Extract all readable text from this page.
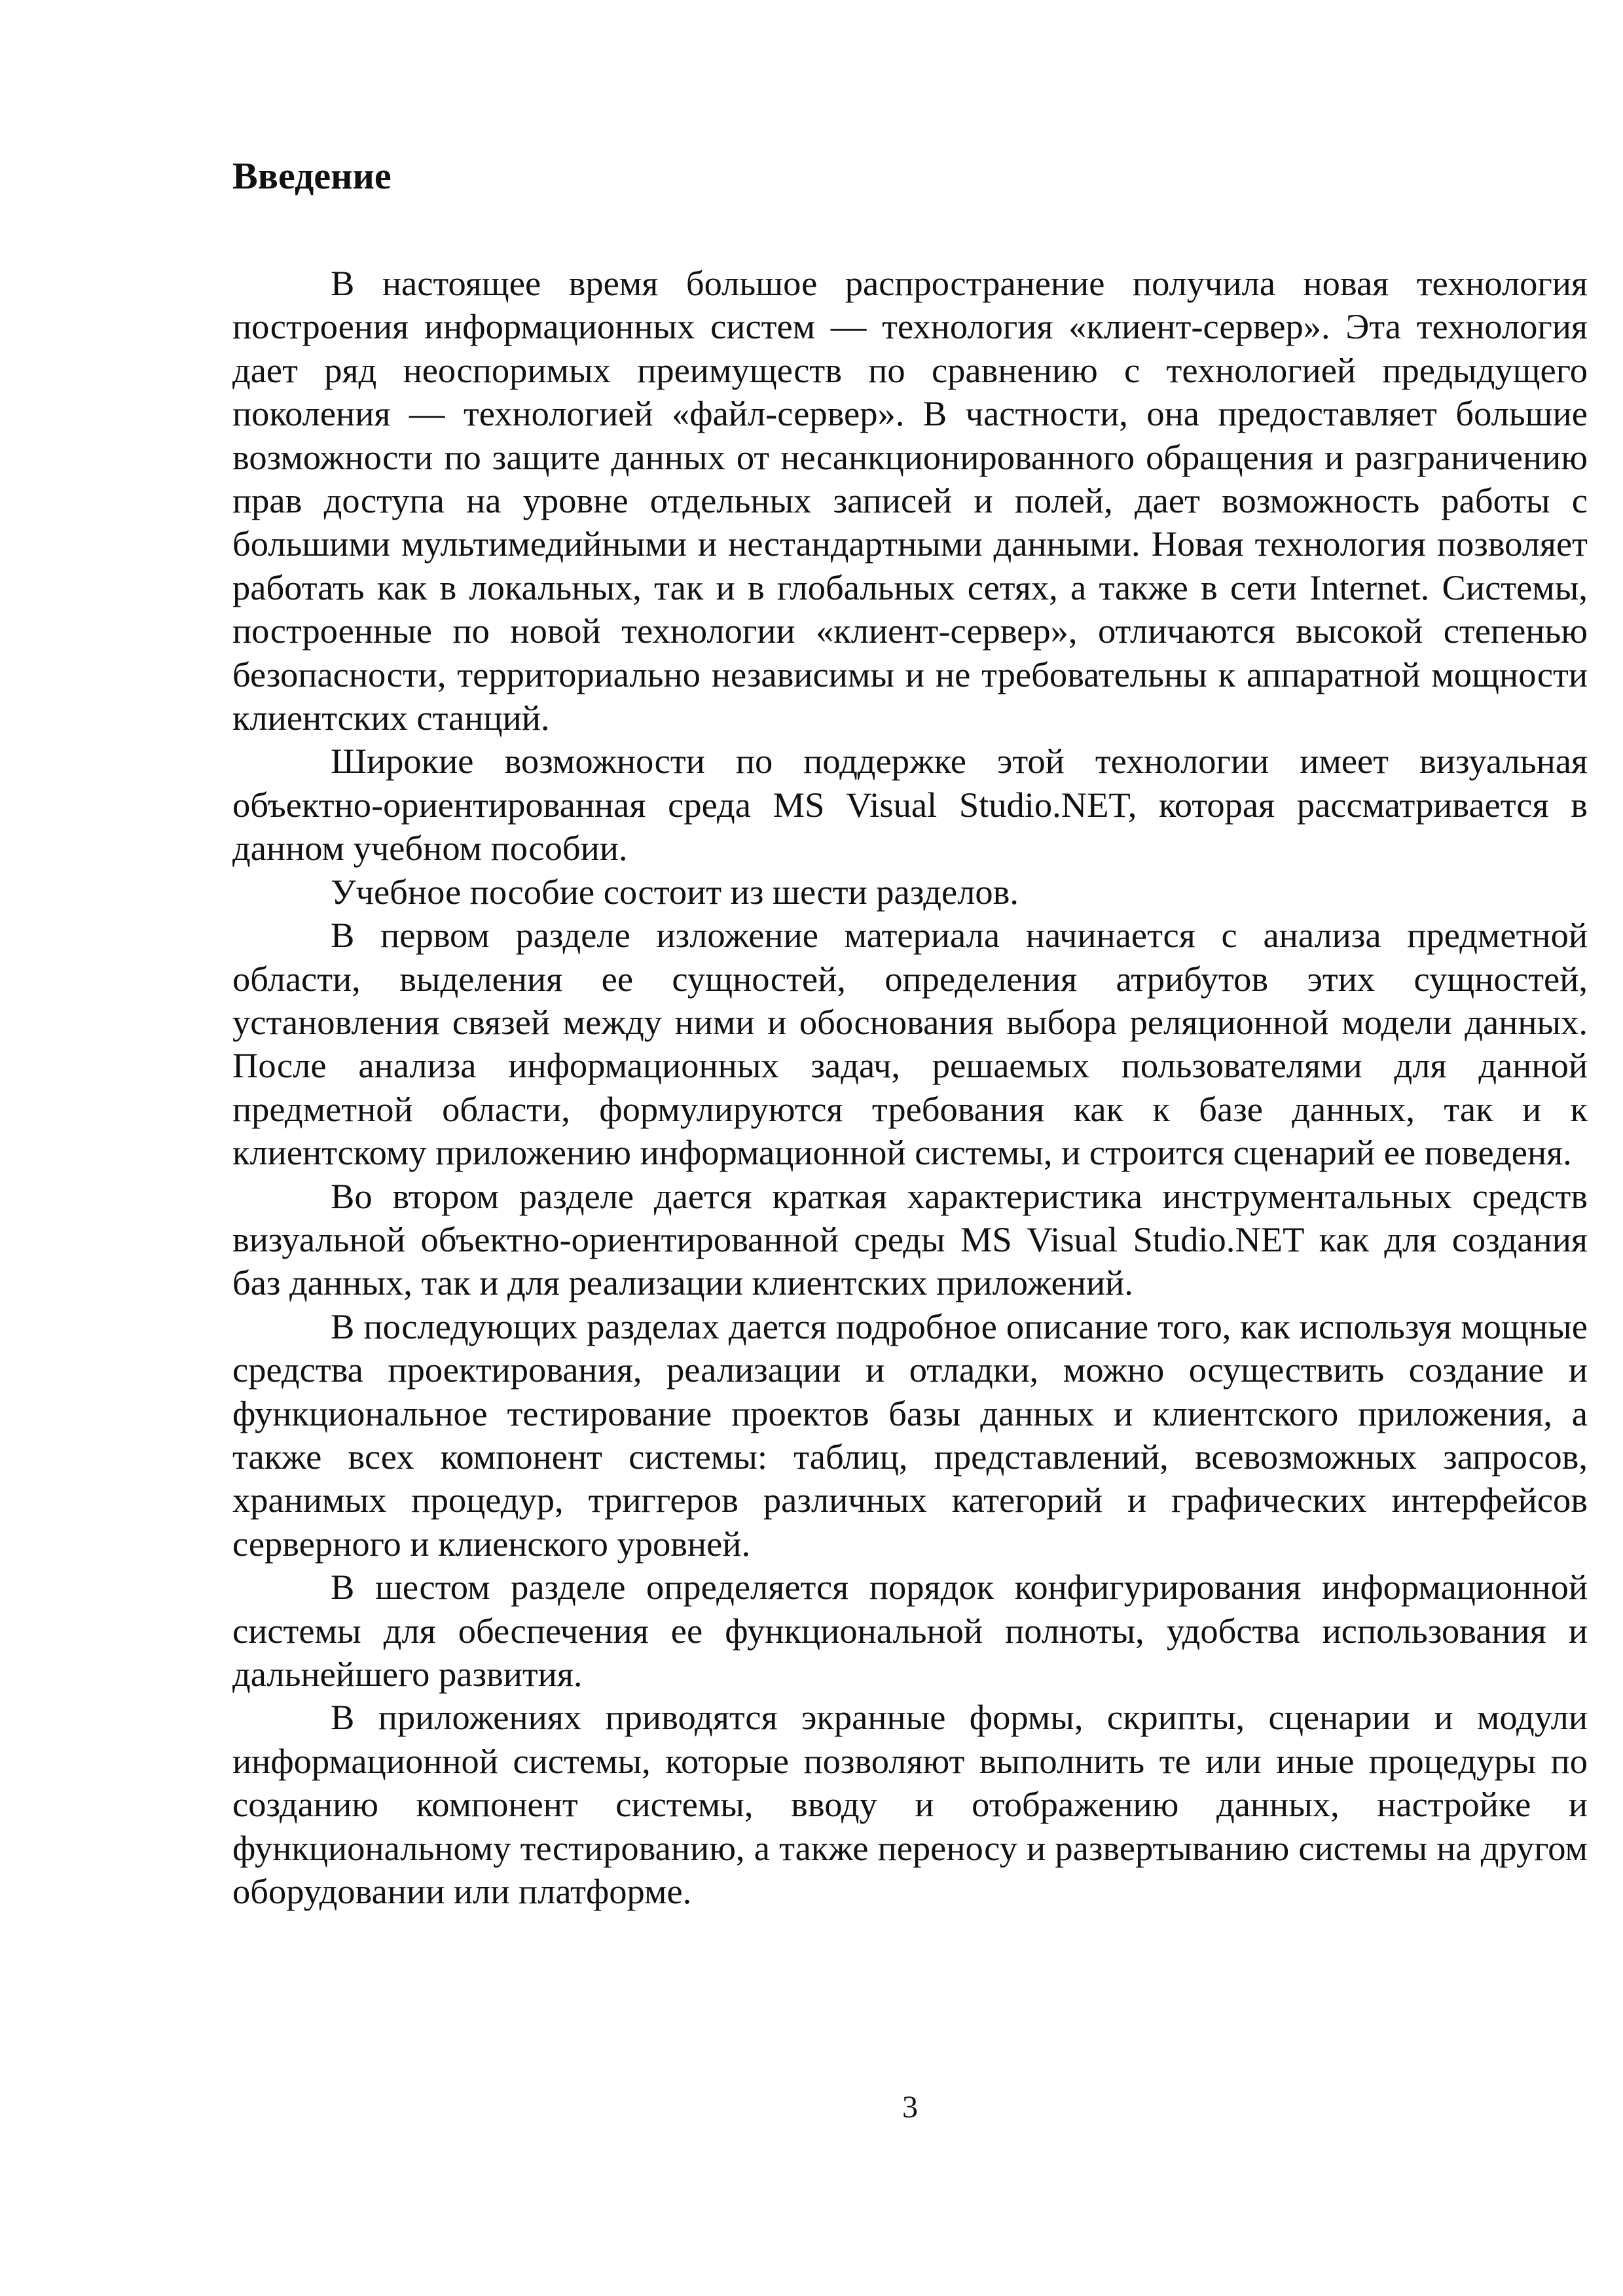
Введение

В настоящее время большое распространение получила новая технология построения информационных систем — технология «клиент-сервер». Эта технология дает ряд неоспоримых преимуществ по сравнению с технологией предыдущего поколения — технологией «файл-сервер». В частности, она предоставляет большие возможности по защите данных от несанкционированного обращения и разграничению прав доступа на уровне отдельных записей и полей, дает возможность работы с большими мультимедийными и нестандартными данными. Новая технология позволяет работать как в локальных, так и в глобальных сетях, а также в сети Internet. Системы, построенные по новой технологии «клиент-сервер», отличаются высокой степенью безопасности, территориально независимы и не требовательны к аппаратной мощности клиентских станций.

Широкие возможности по поддержке этой технологии имеет визуальная объектно-ориентированная среда MS Visual Studio.NET, которая рассматривается в данном учебном пособии.

Учебное пособие состоит из шести разделов.

В первом разделе изложение материала начинается с анализа предметной области, выделения ее сущностей, определения атрибутов этих сущностей, установления связей между ними и обоснования выбора реляционной модели данных. После анализа информационных задач, решаемых пользователями для данной предметной области, формулируются требования как к базе данных, так и к клиентскому приложению информационной системы, и строится сценарий ее поведеня.

Во втором разделе дается краткая характеристика инструментальных средств визуальной объектно-ориентированной среды MS Visual Studio.NET как для создания баз данных, так и для реализации клиентских приложений.

В последующих разделах дается подробное описание того, как используя мощные средства проектирования, реализации и отладки, можно осуществить создание и функциональное тестирование проектов базы данных и клиентского приложения, а также всех компонент системы: таблиц, представлений, всевозможных запросов, хранимых процедур, триггеров различных категорий и графических интерфейсов серверного и клиенского уровней.

В шестом разделе определяется порядок конфигурирования информационной системы для обеспечения ее функциональной полноты, удобства использования и дальнейшего развития.

В приложениях приводятся экранные формы, скрипты, сценарии и модули информационной системы, которые позволяют выполнить те или иные процедуры по созданию компонент системы, вводу и отображению данных, настройке и функциональному тестированию, а также переносу и развертыванию системы на другом оборудовании или платформе.

3
